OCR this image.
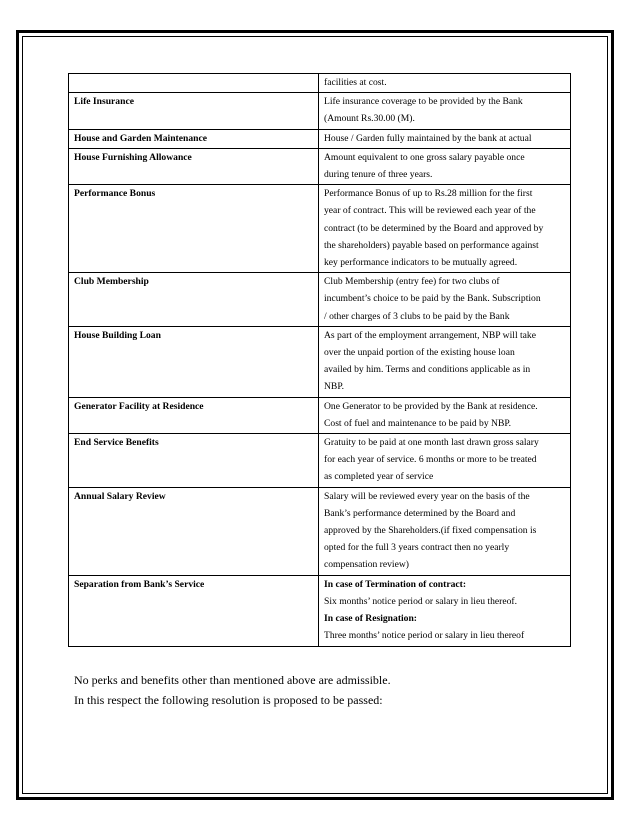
	facilities at cost.
Life Insurance	Life insurance coverage to be provided by the Bank
(Amount Rs.30.00 (M).
House and Garden Maintenance	House / Garden fully maintained by the bank at actual
House Furnishing Allowance	Amount equivalent to one gross salary payable once
during tenure of three years.
Performance Bonus	Performance Bonus of up to Rs.28 million for the first
year of contract. This will be reviewed each year of the
contract (to be determined by the Board and approved by
the shareholders) payable based on performance against
key performance indicators to be mutually agreed.
Club Membership	Club Membership (entry fee) for two clubs of
incumbent’s choice to be paid by the Bank. Subscription
/ other charges of 3 clubs to be paid by the Bank
House Building Loan	As part of the employment arrangement, NBP will take
over the unpaid portion of the existing house loan
availed by him. Terms and conditions applicable as in
NBP.
Generator Facility at Residence	One Generator to be provided by the Bank at residence.
Cost of fuel and maintenance to be paid by NBP.
End Service Benefits	Gratuity to be paid at one month last drawn gross salary
for each year of service. 6 months or more to be treated
as completed year of service
Annual Salary Review	Salary will be reviewed every year on the basis of the
Bank’s performance determined by the Board and
approved by the Shareholders.(if fixed compensation is
opted for the full 3 years contract then no yearly
compensation review)
Separation from Bank’s Service	In case of Termination of contract:
Six months’ notice period or salary in lieu thereof.
In case of Resignation:
Three months’ notice period or salary in lieu thereof
No perks and benefits other than mentioned above are admissible.
In this respect the following resolution is proposed to be passed:
